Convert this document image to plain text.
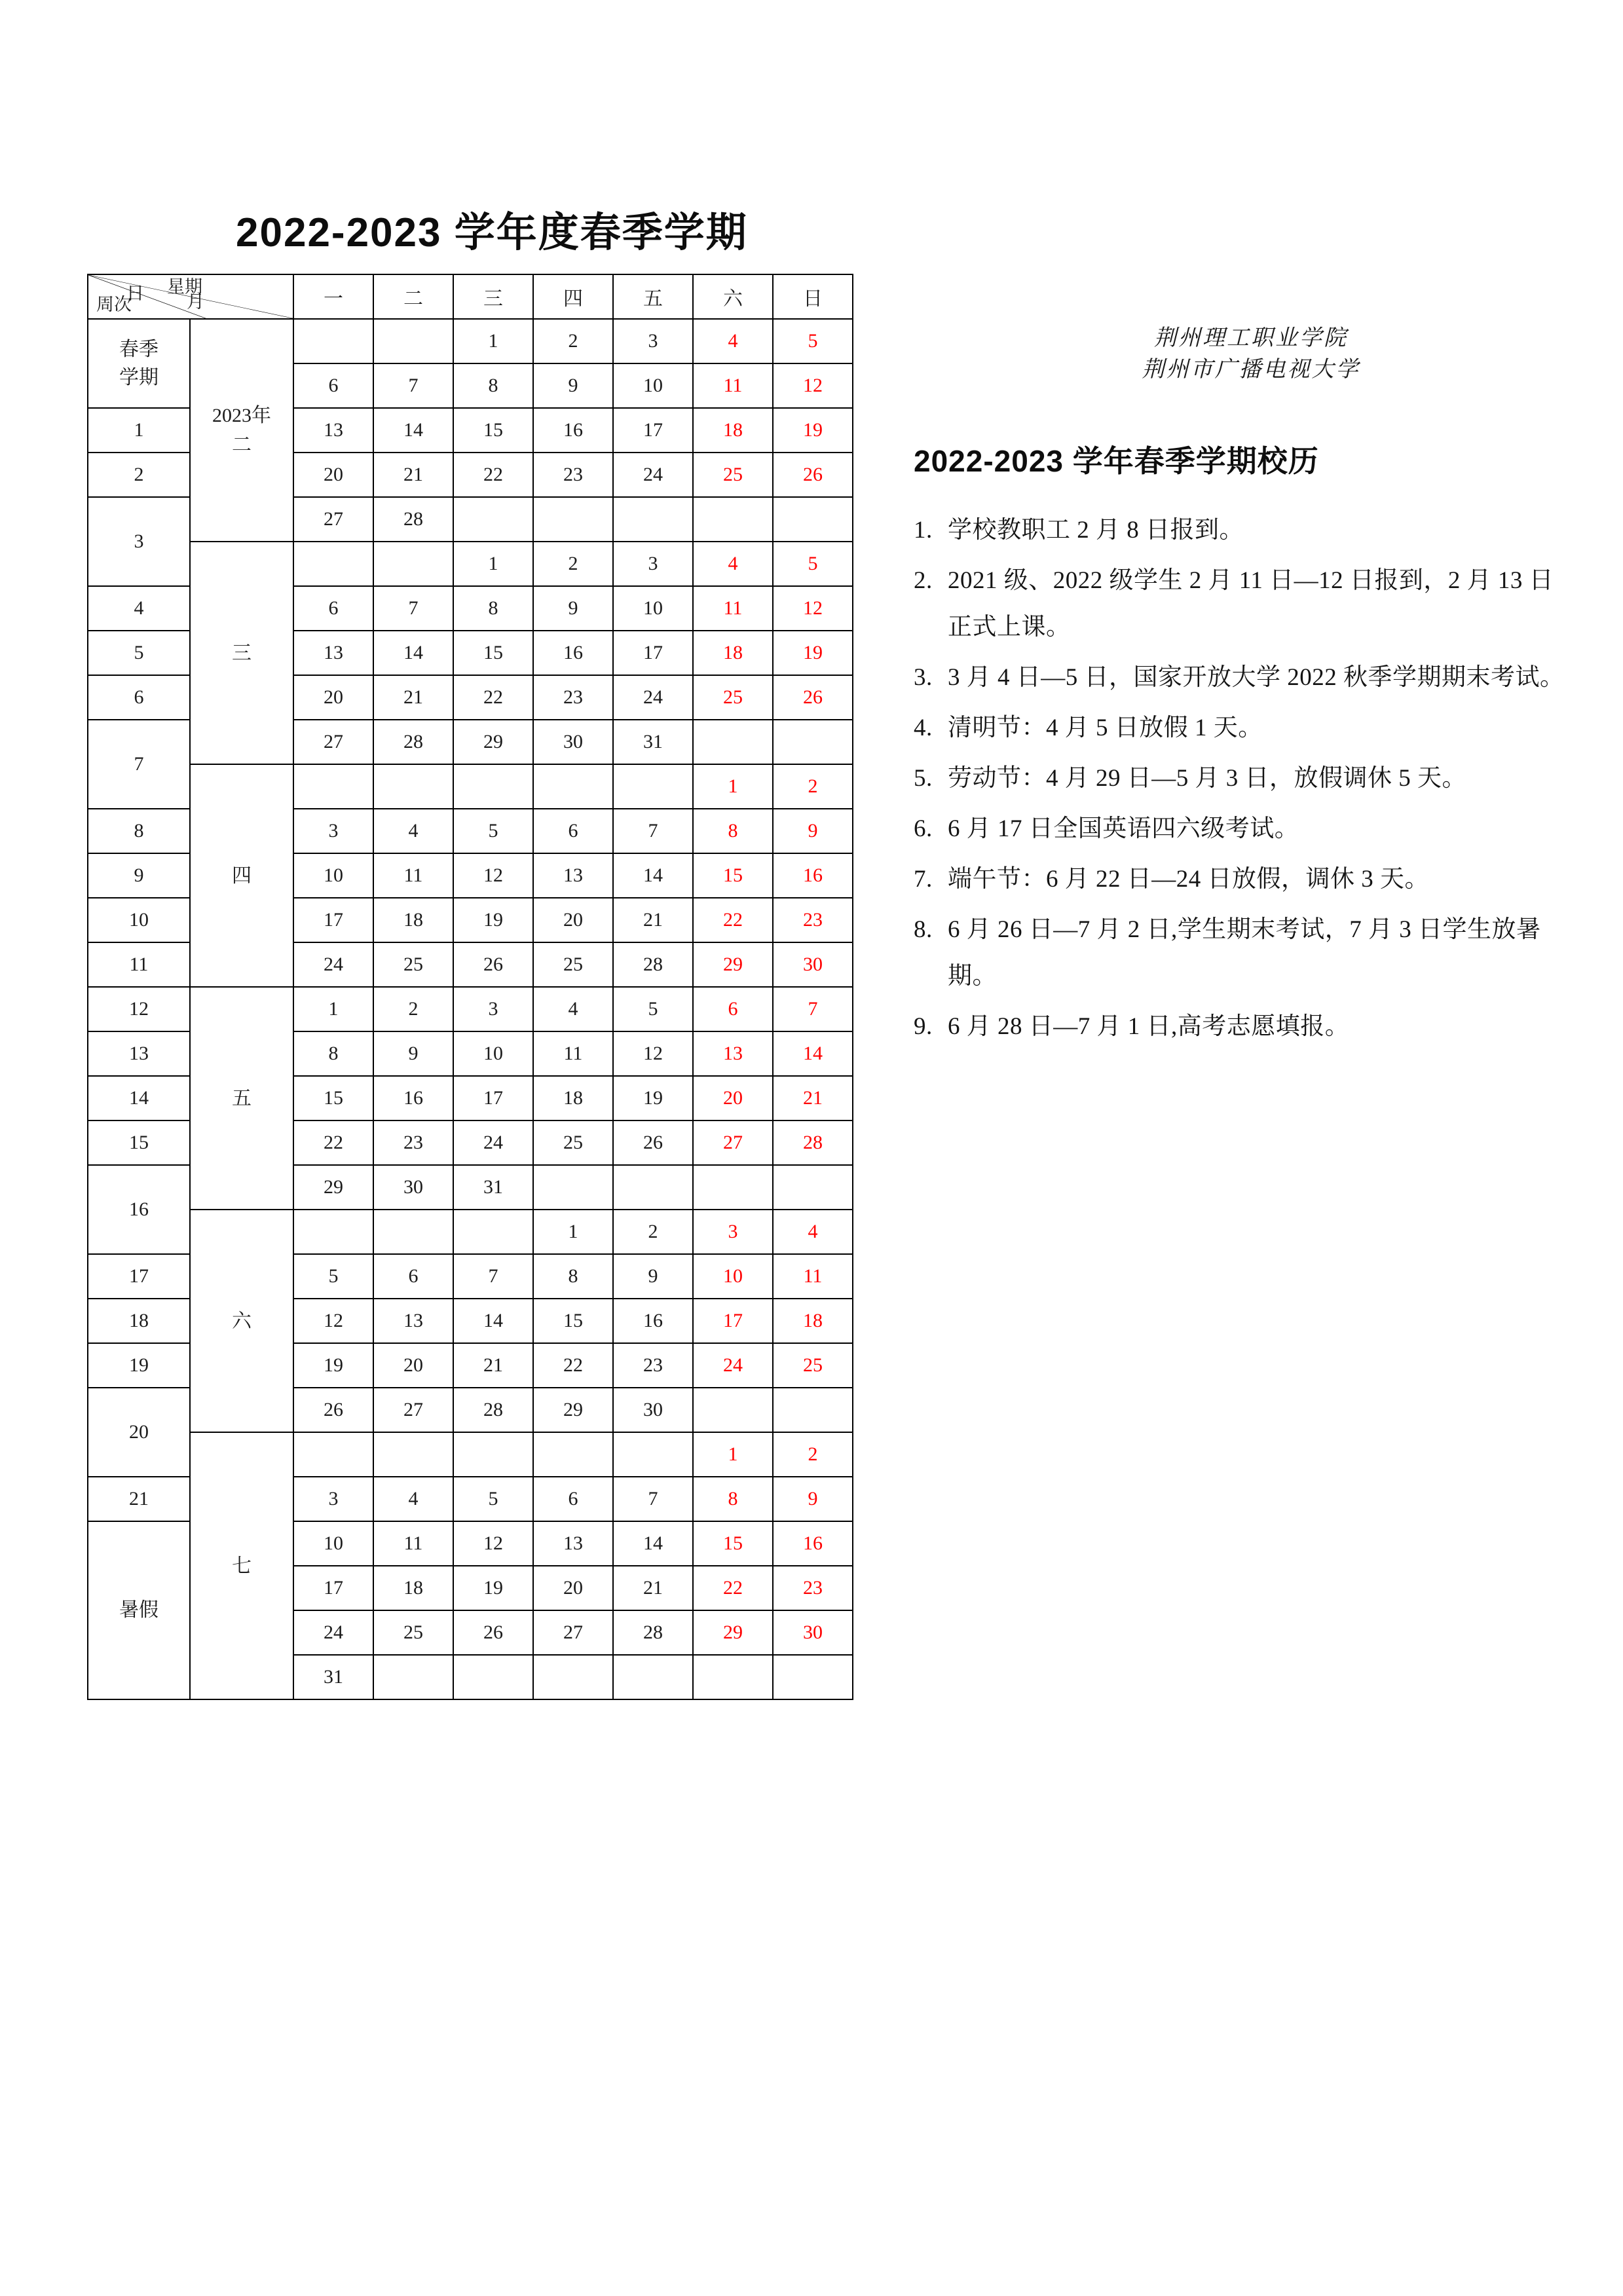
2022-2023 学年度春季学期
日 星期
月
周次		一	二	三	四	五	六	日
春季
学期	2023年
二			1	2	3	4	5
		6	7	8	9	10	11	12
1		13	14	15	16	17	18	19
2		20	21	22	23	24	25	26
3		27	28					
	三			1	2	3	4	5
4		6	7	8	9	10	11	12
5		13	14	15	16	17	18	19
6		20	21	22	23	24	25	26
7		27	28	29	30	31		
	四						1	2
8		3	4	5	6	7	8	9
9		10	11	12	13	14	15	16
10		17	18	19	20	21	22	23
11		24	25	26	25	28	29	30
12	五	1	2	3	4	5	6	7
13		8	9	10	11	12	13	14
14		15	16	17	18	19	20	21
15		22	23	24	25	26	27	28
16		29	30	31				
	六				1	2	3	4
17		5	6	7	8	9	10	11
18		12	13	14	15	16	17	18
19		19	20	21	22	23	24	25
20		26	27	28	29	30		
	七						1	2
21		3	4	5	6	7	8	9
暑假		10	11	12	13	14	15	16
		17	18	19	20	21	22	23
		24	25	26	27	28	29	30
		31						
荆州理工职业学院
荆州市广播电视大学
2022-2023 学年春季学期校历
1. 学校教职工 2 月 8 日报到。
2. 2021 级、2022 级学生 2 月 11 日—12 日报到，2 月 13 日正式上课。
3. 3 月 4 日—5 日，国家开放大学 2022 秋季学期期末考试。
4. 清明节：4 月 5 日放假 1 天。
5. 劳动节：4 月 29 日—5 月 3 日，放假调休 5 天。
6. 6 月 17 日全国英语四六级考试。
7. 端午节：6 月 22 日—24 日放假，调休 3 天。
8. 6 月 26 日—7 月 2 日,学生期末考试，7 月 3 日学生放暑期。
9. 6 月 28 日—7 月 1 日,高考志愿填报。
